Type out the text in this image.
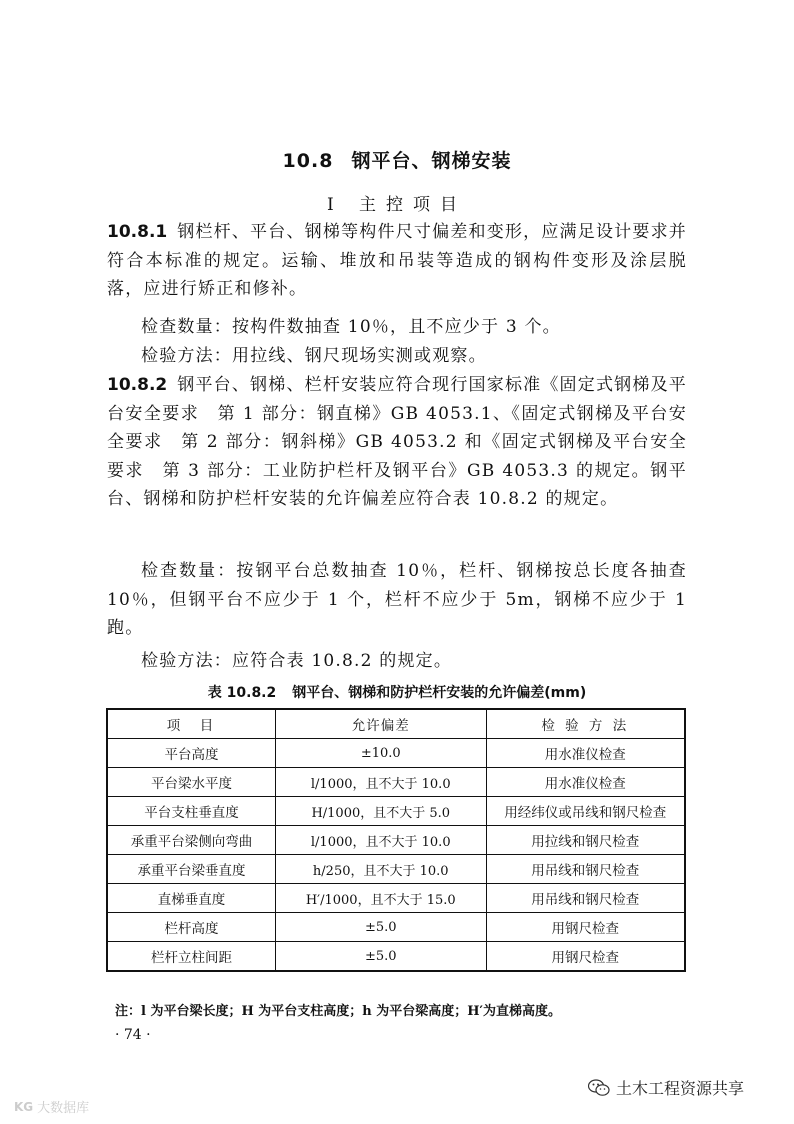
10.8 钢平台、钢梯安装
Ⅰ 主控项目

10.8.1 钢栏杆、平台、钢梯等构件尺寸偏差和变形，应满足设计要求并符合本标准的规定。运输、堆放和吊装等造成的钢构件变形及涂层脱落，应进行矫正和修补。

检查数量：按构件数抽查 10％，且不应少于 3 个。

检验方法：用拉线、钢尺现场实测或观察。

10.8.2 钢平台、钢梯、栏杆安装应符合现行国家标准《固定式钢梯及平台安全要求　第 1 部分：钢直梯》GB 4053.1、《固定式钢梯及平台安全要求　第 2 部分：钢斜梯》GB 4053.2 和《固定式钢梯及平台安全要求　第 3 部分：工业防护栏杆及钢平台》GB 4053.3 的规定。钢平台、钢梯和防护栏杆安装的允许偏差应符合表 10.8.2 的规定。

检查数量：按钢平台总数抽查 10％，栏杆、钢梯按总长度各抽查 10％，但钢平台不应少于 1 个，栏杆不应少于 5m，钢梯不应少于 1 跑。

检验方法：应符合表 10.8.2 的规定。

表 10.8.2 钢平台、钢梯和防护栏杆安装的允许偏差(mm)
项　目	允许偏差	检 验 方 法
平台高度	±10.0	用水准仪检查
平台梁水平度	l/1000，且不大于 10.0	用水准仪检查
平台支柱垂直度	H/1000，且不大于 5.0	用经纬仪或吊线和钢尺检查
承重平台梁侧向弯曲	l/1000，且不大于 10.0	用拉线和钢尺检查
承重平台梁垂直度	h/250，且不大于 10.0	用吊线和钢尺检查
直梯垂直度	H′/1000，且不大于 15.0	用吊线和钢尺检查
栏杆高度	±5.0	用钢尺检查
栏杆立柱间距	±5.0	用钢尺检查
注：l 为平台梁长度；H 为平台支柱高度；h 为平台梁高度；H′为直梯高度。
· 74 ·
土木工程资源共享
KG 大数据库
